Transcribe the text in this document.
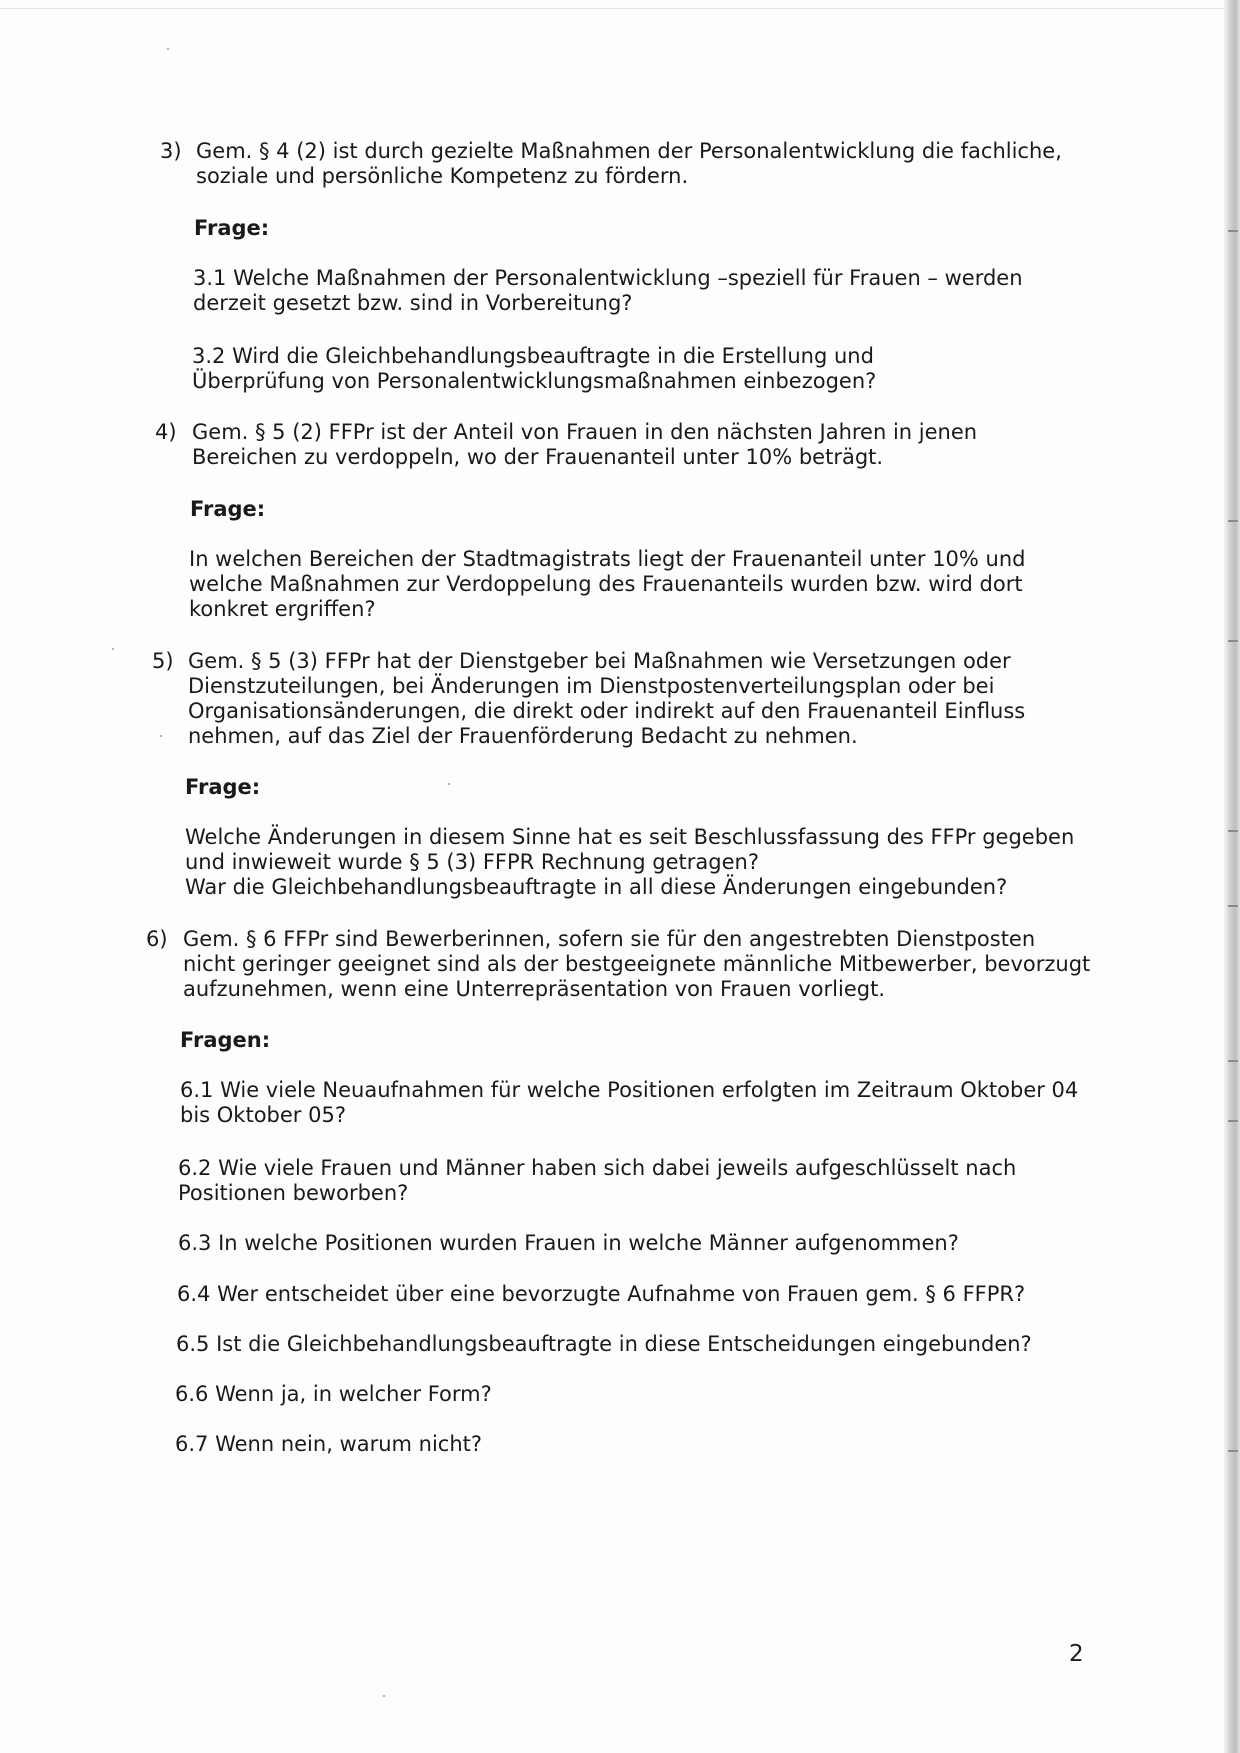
3) Gem. § 4 (2) ist durch gezielte Maßnahmen der Personalentwicklung die fachliche,
soziale und persönliche Kompetenz zu fördern.
Frage:
3.1 Welche Maßnahmen der Personalentwicklung –speziell für Frauen – werden
derzeit gesetzt bzw. sind in Vorbereitung?
3.2 Wird die Gleichbehandlungsbeauftragte in die Erstellung und
Überprüfung von Personalentwicklungsmaßnahmen einbezogen?
4) Gem. § 5 (2) FFPr ist der Anteil von Frauen in den nächsten Jahren in jenen
Bereichen zu verdoppeln, wo der Frauenanteil unter 10% beträgt.
Frage:
In welchen Bereichen der Stadtmagistrats liegt der Frauenanteil unter 10% und
welche Maßnahmen zur Verdoppelung des Frauenanteils wurden bzw. wird dort
konkret ergriffen?
5) Gem. § 5 (3) FFPr hat der Dienstgeber bei Maßnahmen wie Versetzungen oder
Dienstzuteilungen, bei Änderungen im Dienstpostenverteilungsplan oder bei
Organisationsänderungen, die direkt oder indirekt auf den Frauenanteil Einfluss
nehmen, auf das Ziel der Frauenförderung Bedacht zu nehmen.
Frage:
Welche Änderungen in diesem Sinne hat es seit Beschlussfassung des FFPr gegeben
und inwieweit wurde § 5 (3) FFPR Rechnung getragen?
War die Gleichbehandlungsbeauftragte in all diese Änderungen eingebunden?
6) Gem. § 6 FFPr sind Bewerberinnen, sofern sie für den angestrebten Dienstposten
nicht geringer geeignet sind als der bestgeeignete männliche Mitbewerber, bevorzugt
aufzunehmen, wenn eine Unterrepräsentation von Frauen vorliegt.
Fragen:
6.1 Wie viele Neuaufnahmen für welche Positionen erfolgten im Zeitraum Oktober 04
bis Oktober 05?
6.2 Wie viele Frauen und Männer haben sich dabei jeweils aufgeschlüsselt nach
Positionen beworben?
6.3 In welche Positionen wurden Frauen in welche Männer aufgenommen?
6.4 Wer entscheidet über eine bevorzugte Aufnahme von Frauen gem. § 6 FFPR?
6.5 Ist die Gleichbehandlungsbeauftragte in diese Entscheidungen eingebunden?
6.6 Wenn ja, in welcher Form?
6.7 Wenn nein, warum nicht?
2
